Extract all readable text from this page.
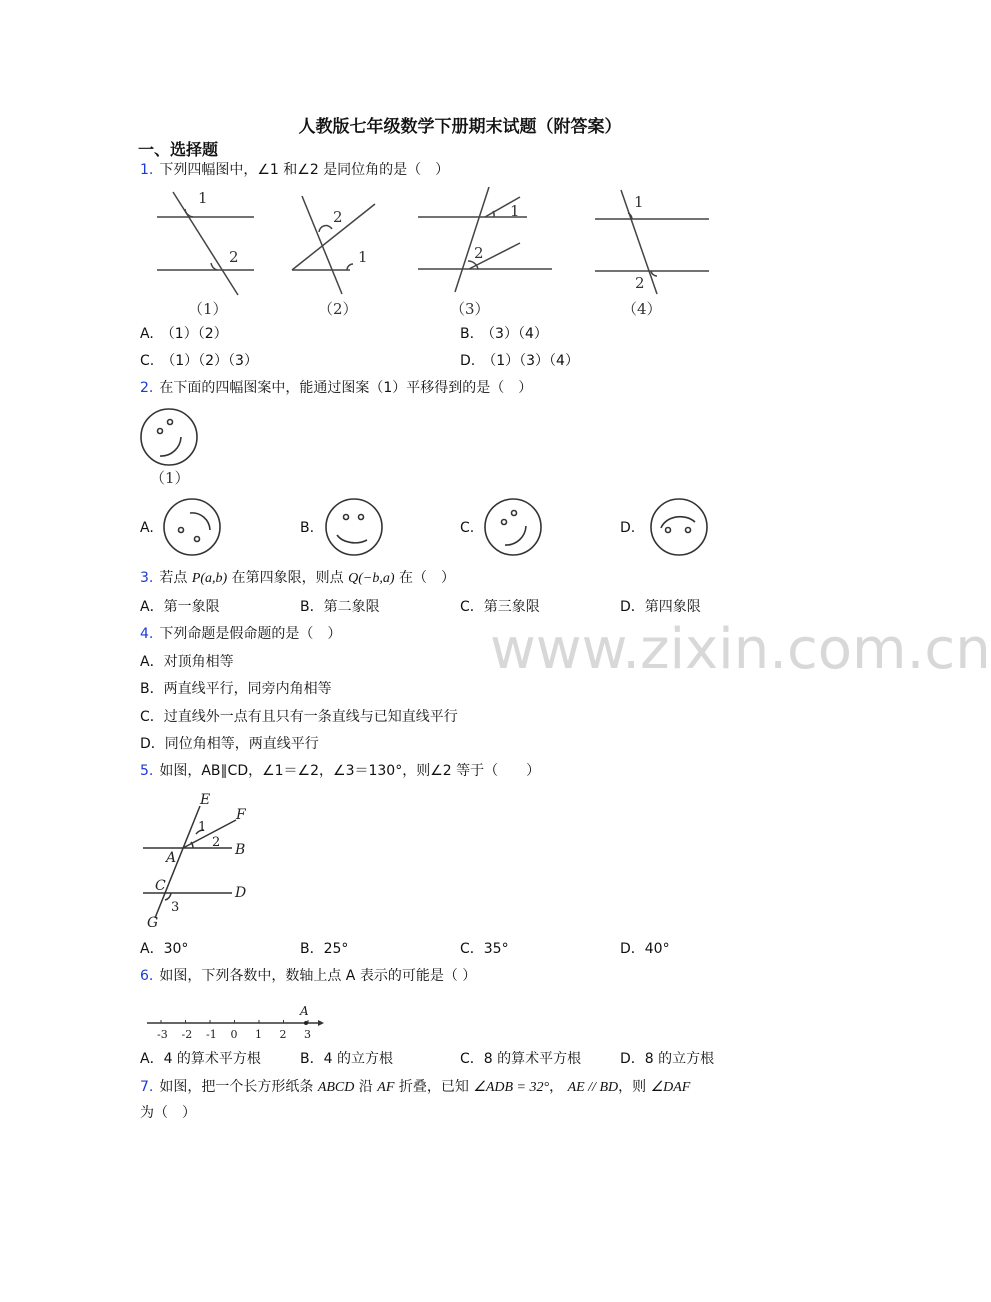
www.zixin.com.cn
人教版七年级数学下册期末试题（附答案）
一、选择题
1. 下列四幅图中，∠1 和∠2 是同位角的是（　）
1
2
2
1
1
2
1
2
（1）	（2）	（3）	（4）
A.　（1）（2）	B.　（3）（4）
C.　（1）（2）（3）	D.　（1）（3）（4）
2. 在下面的四幅图案中，能通过图案（1）平移得到的是（　）
（1）
A.	B.	C.	D.
3. 若点 P(a,b) 在第四象限，则点 Q(−b,a) 在（　）
A．第一象限	B．第二象限	C．第三象限	D．第四象限
4. 下列命题是假命题的是（　）
A．对顶角相等
B．两直线平行，同旁内角相等
C．过直线外一点有且只有一条直线与已知直线平行
D．同位角相等，两直线平行
5. 如图，AB∥CD，∠1＝∠2，∠3＝130°，则∠2 等于（　　）
E
F
A	B
C	D
G
1
2
3
A．30°	B．25°	C．35°	D．40°
6. 如图，下列各数中，数轴上点 A 表示的可能是（ ）
A
-3 -2 -1 0 1 2 3
A．4 的算术平方根	B．4 的立方根	C．8 的算术平方根	D．8 的立方根
7. 如图，把一个长方形纸条 ABCD 沿 AF 折叠，已知 ∠ADB = 32°， AE // BD，则 ∠DAF
为（　）
